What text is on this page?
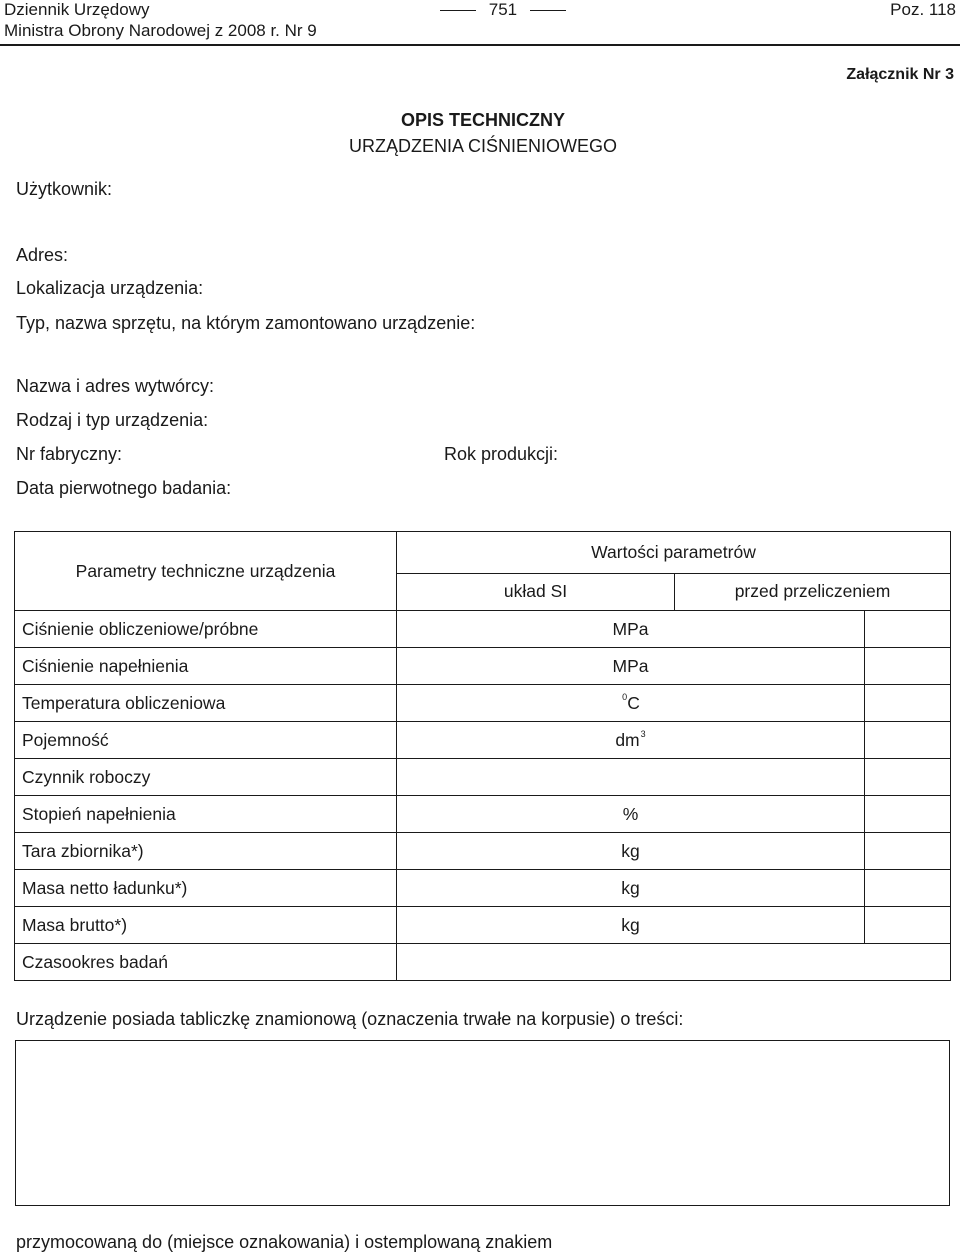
Dziennik Urzędowy
Ministra Obrony Narodowej z 2008 r. Nr 9
751	Poz. 118
Załącznik Nr 3
OPIS TECHNICZNY
URZĄDZENIA CIŚNIENIOWEGO
Użytkownik:
Adres:
Lokalizacja urządzenia:
Typ, nazwa sprzętu, na którym zamontowano urządzenie:
Nazwa i adres wytwórcy:
Rodzaj i typ urządzenia:
Nr fabryczny:	Rok produkcji:
Data pierwotnego badania:
Parametry techniczne urządzenia	Wartości parametrów		
	układ SI	przed przeliczeniem	
Ciśnienie obliczeniowe/próbne	MPa		
Ciśnienie napełnienia	MPa		
Temperatura obliczeniowa	$^0$C		
Pojemność	$dm^3$	
Czynnik roboczy			
Stopień napełnienia	%		
Tara zbiornika*)	kg		
Masa netto ładunku*)	kg		
Masa brutto*)	kg		
Czasookres badań			
Urządzenie posiada tabliczkę znamionową (oznaczenia trwałe na korpusie) o treści:
przymocowaną do (miejsce oznakowania) i ostemplowaną znakiem
